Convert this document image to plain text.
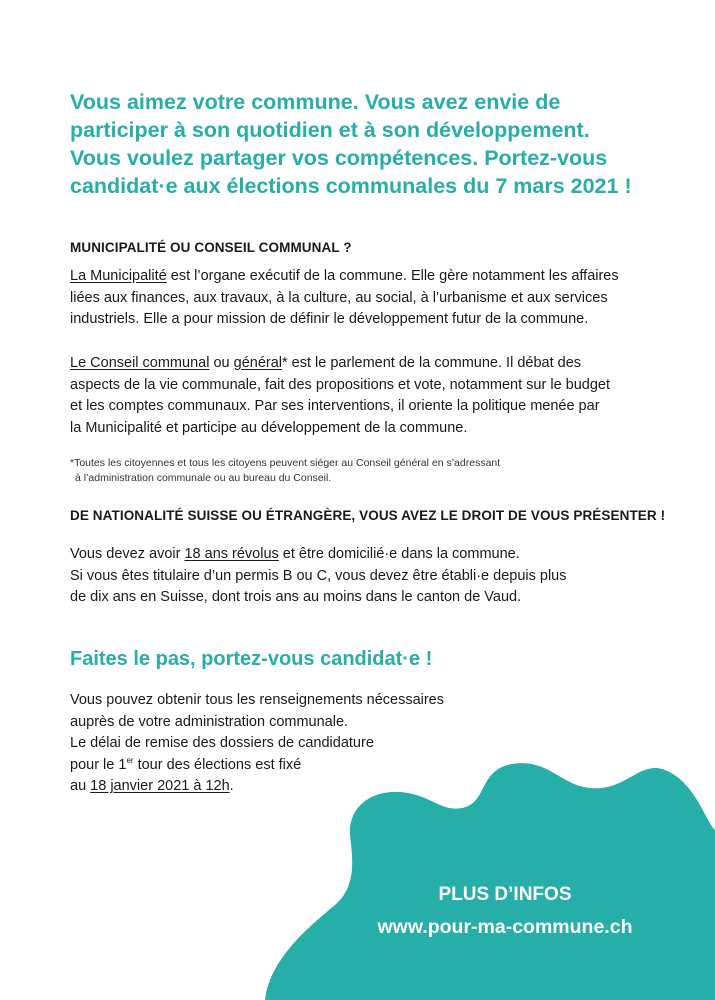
Vous aimez votre commune. Vous avez envie de
participer à son quotidien et à son développement.
Vous voulez partager vos compétences. Portez-vous
candidat·e aux élections communales du 7 mars 2021 !
MUNICIPALITÉ OU CONSEIL COMMUNAL ?
La Municipalité est l’organe exécutif de la commune. Elle gère notamment les affaires
liées aux finances, aux travaux, à la culture, au social, à l’urbanisme et aux services
industriels. Elle a pour mission de définir le développement futur de la commune.
Le Conseil communal ou général* est le parlement de la commune. Il débat des
aspects de la vie communale, fait des propositions et vote, notamment sur le budget
et les comptes communaux. Par ses interventions, il oriente la politique menée par
la Municipalité et participe au développement de la commune.
*Toutes les citoyennes et tous les citoyens peuvent siéger au Conseil général en s’adressant
à l’administration communale ou au bureau du Conseil.
DE NATIONALITÉ SUISSE OU ÉTRANGÈRE, VOUS AVEZ LE DROIT DE VOUS PRÉSENTER !
Vous devez avoir 18 ans révolus et être domicilié·e dans la commune.
Si vous êtes titulaire d’un permis B ou C, vous devez être établi·e depuis plus
de dix ans en Suisse, dont trois ans au moins dans le canton de Vaud.
Faites le pas, portez-vous candidat·e !
Vous pouvez obtenir tous les renseignements nécessaires
auprès de votre administration communale.
Le délai de remise des dossiers de candidature
pour le 1er tour des élections est fixé
au 18 janvier 2021 à 12h.
PLUS D’INFOS
www.pour-ma-commune.ch
